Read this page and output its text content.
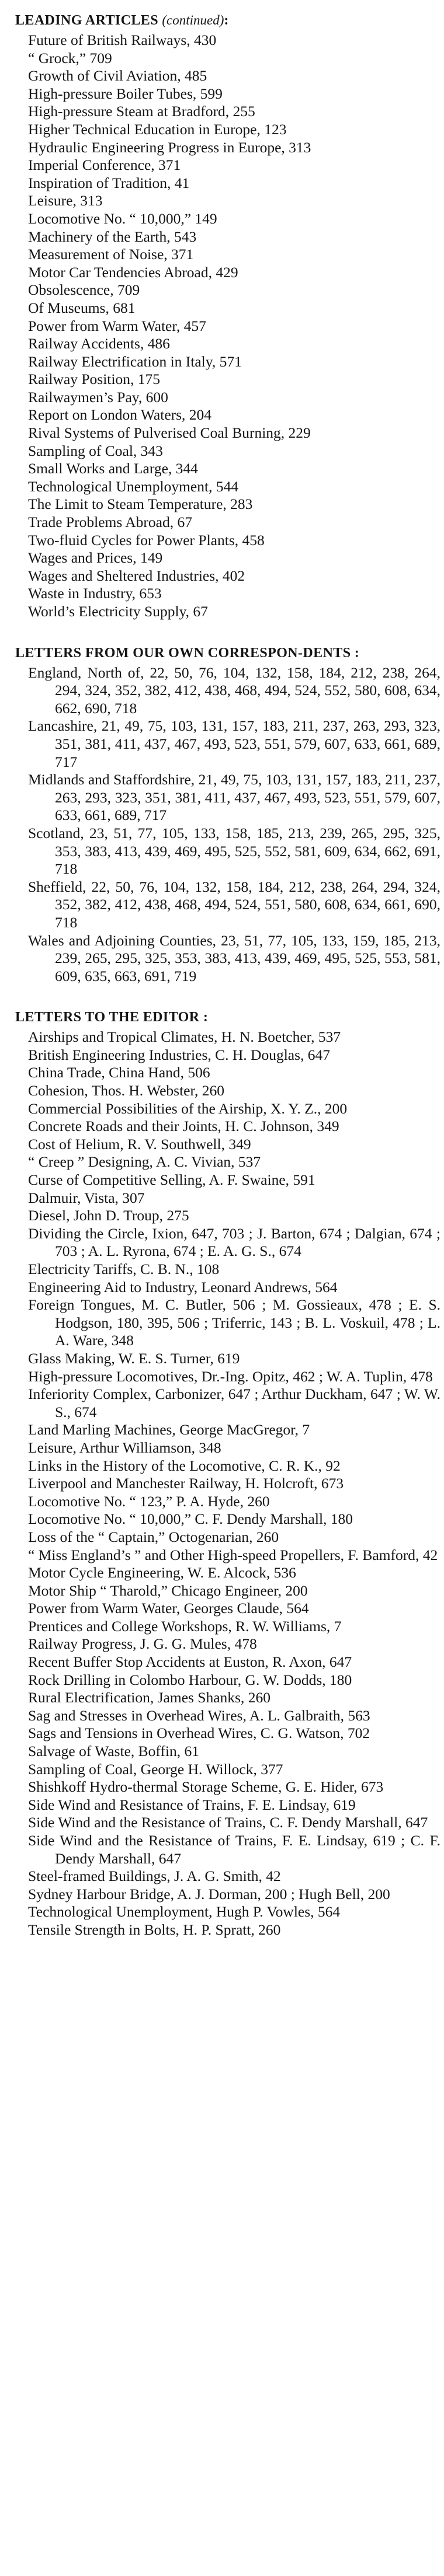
LEADING ARTICLES (continued):
Future of British Railways, 430
“ Grock,” 709
Growth of Civil Aviation, 485
High-pressure Boiler Tubes, 599
High-pressure Steam at Bradford, 255
Higher Technical Education in Europe, 123
Hydraulic Engineering Progress in Europe, 313
Imperial Conference, 371
Inspiration of Tradition, 41
Leisure, 313
Locomotive No. “ 10,000,” 149
Machinery of the Earth, 543
Measurement of Noise, 371
Motor Car Tendencies Abroad, 429
Obsolescence, 709
Of Museums, 681
Power from Warm Water, 457
Railway Accidents, 486
Railway Electrification in Italy, 571
Railway Position, 175
Railwaymen’s Pay, 600
Report on London Waters, 204
Rival Systems of Pulverised Coal Burning, 229
Sampling of Coal, 343
Small Works and Large, 344
Technological Unemployment, 544
The Limit to Steam Temperature, 283
Trade Problems Abroad, 67
Two-fluid Cycles for Power Plants, 458
Wages and Prices, 149
Wages and Sheltered Industries, 402
Waste in Industry, 653
World’s Electricity Supply, 67
LETTERS FROM OUR OWN CORRESPON-DENTS :
England, North of, 22, 50, 76, 104, 132, 158, 184, 212, 238, 264, 294, 324, 352, 382, 412, 438, 468, 494, 524, 552, 580, 608, 634, 662, 690, 718
Lancashire, 21, 49, 75, 103, 131, 157, 183, 211, 237, 263, 293, 323, 351, 381, 411, 437, 467, 493, 523, 551, 579, 607, 633, 661, 689, 717
Midlands and Staffordshire, 21, 49, 75, 103, 131, 157, 183, 211, 237, 263, 293, 323, 351, 381, 411, 437, 467, 493, 523, 551, 579, 607, 633, 661, 689, 717
Scotland, 23, 51, 77, 105, 133, 158, 185, 213, 239, 265, 295, 325, 353, 383, 413, 439, 469, 495, 525, 552, 581, 609, 634, 662, 691, 718
Sheffield, 22, 50, 76, 104, 132, 158, 184, 212, 238, 264, 294, 324, 352, 382, 412, 438, 468, 494, 524, 551, 580, 608, 634, 661, 690, 718
Wales and Adjoining Counties, 23, 51, 77, 105, 133, 159, 185, 213, 239, 265, 295, 325, 353, 383, 413, 439, 469, 495, 525, 553, 581, 609, 635, 663, 691, 719
LETTERS TO THE EDITOR :
Airships and Tropical Climates, H. N. Boetcher, 537
British Engineering Industries, C. H. Douglas, 647
China Trade, China Hand, 506
Cohesion, Thos. H. Webster, 260
Commercial Possibilities of the Airship, X. Y. Z., 200
Concrete Roads and their Joints, H. C. Johnson, 349
Cost of Helium, R. V. Southwell, 349
“ Creep ” Designing, A. C. Vivian, 537
Curse of Competitive Selling, A. F. Swaine, 591
Dalmuir, Vista, 307
Diesel, John D. Troup, 275
Dividing the Circle, Ixion, 647, 703 ; J. Barton, 674 ; Dalgian, 674 ; 703 ; A. L. Ryrona, 674 ; E. A. G. S., 674
Electricity Tariffs, C. B. N., 108
Engineering Aid to Industry, Leonard Andrews, 564
Foreign Tongues, M. C. Butler, 506 ; M. Gossieaux, 478 ; E. S. Hodgson, 180, 395, 506 ; Triferric, 143 ; B. L. Voskuil, 478 ; L. A. Ware, 348
Glass Making, W. E. S. Turner, 619
High-pressure Locomotives, Dr.-Ing. Opitz, 462 ; W. A. Tuplin, 478
Inferiority Complex, Carbonizer, 647 ; Arthur Duckham, 647 ; W. W. S., 674
Land Marling Machines, George MacGregor, 7
Leisure, Arthur Williamson, 348
Links in the History of the Locomotive, C. R. K., 92
Liverpool and Manchester Railway, H. Holcroft, 673
Locomotive No. “ 123,” P. A. Hyde, 260
Locomotive No. “ 10,000,” C. F. Dendy Marshall, 180
Loss of the “ Captain,” Octogenarian, 260
“ Miss England’s ” and Other High-speed Propellers, F. Bamford, 42
Motor Cycle Engineering, W. E. Alcock, 536
Motor Ship “ Tharold,” Chicago Engineer, 200
Power from Warm Water, Georges Claude, 564
Prentices and College Workshops, R. W. Williams, 7
Railway Progress, J. G. G. Mules, 478
Recent Buffer Stop Accidents at Euston, R. Axon, 647
Rock Drilling in Colombo Harbour, G. W. Dodds, 180
Rural Electrification, James Shanks, 260
Sag and Stresses in Overhead Wires, A. L. Galbraith, 563
Sags and Tensions in Overhead Wires, C. G. Watson, 702
Salvage of Waste, Boffin, 61
Sampling of Coal, George H. Willock, 377
Shishkoff Hydro-thermal Storage Scheme, G. E. Hider, 673
Side Wind and Resistance of Trains, F. E. Lindsay, 619
Side Wind and the Resistance of Trains, C. F. Dendy Marshall, 647
Side Wind and the Resistance of Trains, F. E. Lindsay, 619 ; C. F. Dendy Marshall, 647
Steel-framed Buildings, J. A. G. Smith, 42
Sydney Harbour Bridge, A. J. Dorman, 200 ; Hugh Bell, 200
Technological Unemployment, Hugh P. Vowles, 564
Tensile Strength in Bolts, H. P. Spratt, 260
